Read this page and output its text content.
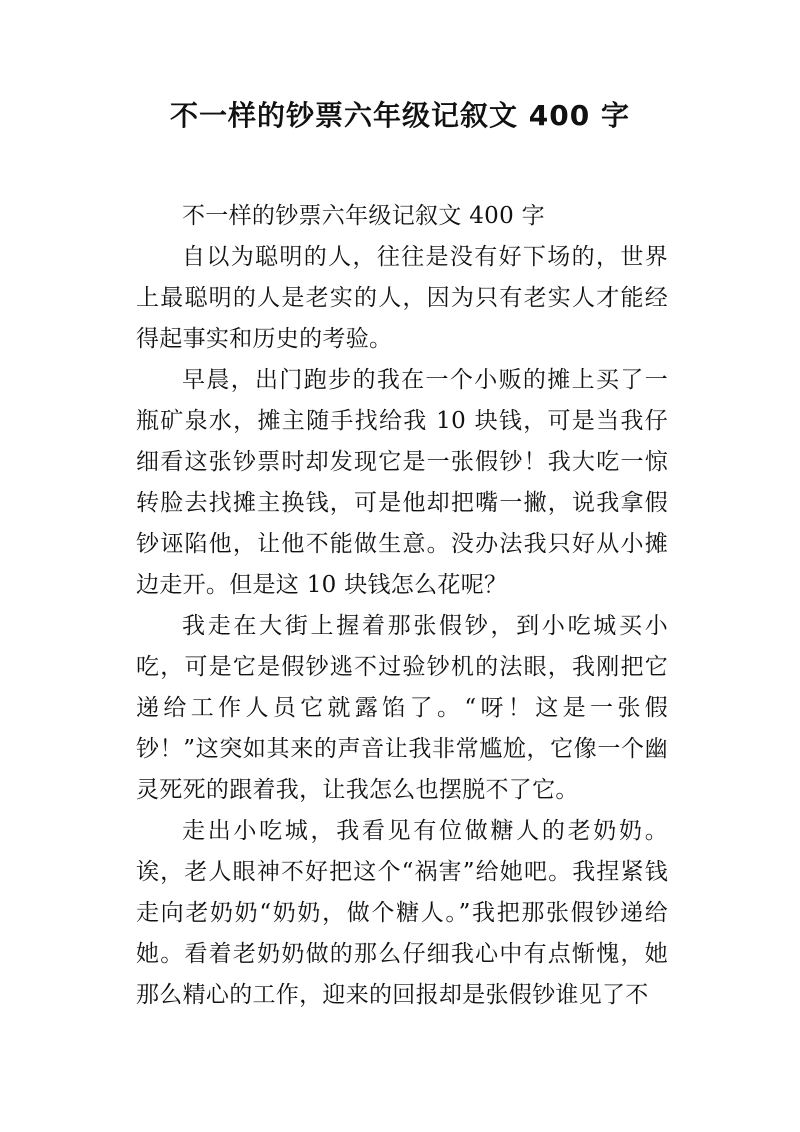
不一样的钞票六年级记叙文 400 字

不一样的钞票六年级记叙文 400 字

自以为聪明的人，往往是没有好下场的，世界上最聪明的人是老实的人，因为只有老实人才能经得起事实和历史的考验。

早晨，出门跑步的我在一个小贩的摊上买了一瓶矿泉水，摊主随手找给我 10 块钱，可是当我仔细看这张钞票时却发现它是一张假钞！我大吃一惊转脸去找摊主换钱，可是他却把嘴一撇，说我拿假钞诬陷他，让他不能做生意。没办法我只好从小摊边走开。但是这 10 块钱怎么花呢？

我走在大街上握着那张假钞，到小吃城买小吃，可是它是假钞逃不过验钞机的法眼，我刚把它递给工作人员它就露馅了。“呀！这是一张假钞！”这突如其来的声音让我非常尴尬，它像一个幽灵死死的跟着我，让我怎么也摆脱不了它。

走出小吃城，我看见有位做糖人的老奶奶。诶，老人眼神不好把这个“祸害”给她吧。我捏紧钱走向老奶奶“奶奶，做个糖人。”我把那张假钞递给她。看着老奶奶做的那么仔细我心中有点惭愧，她那么精心的工作，迎来的回报却是张假钞谁见了不
